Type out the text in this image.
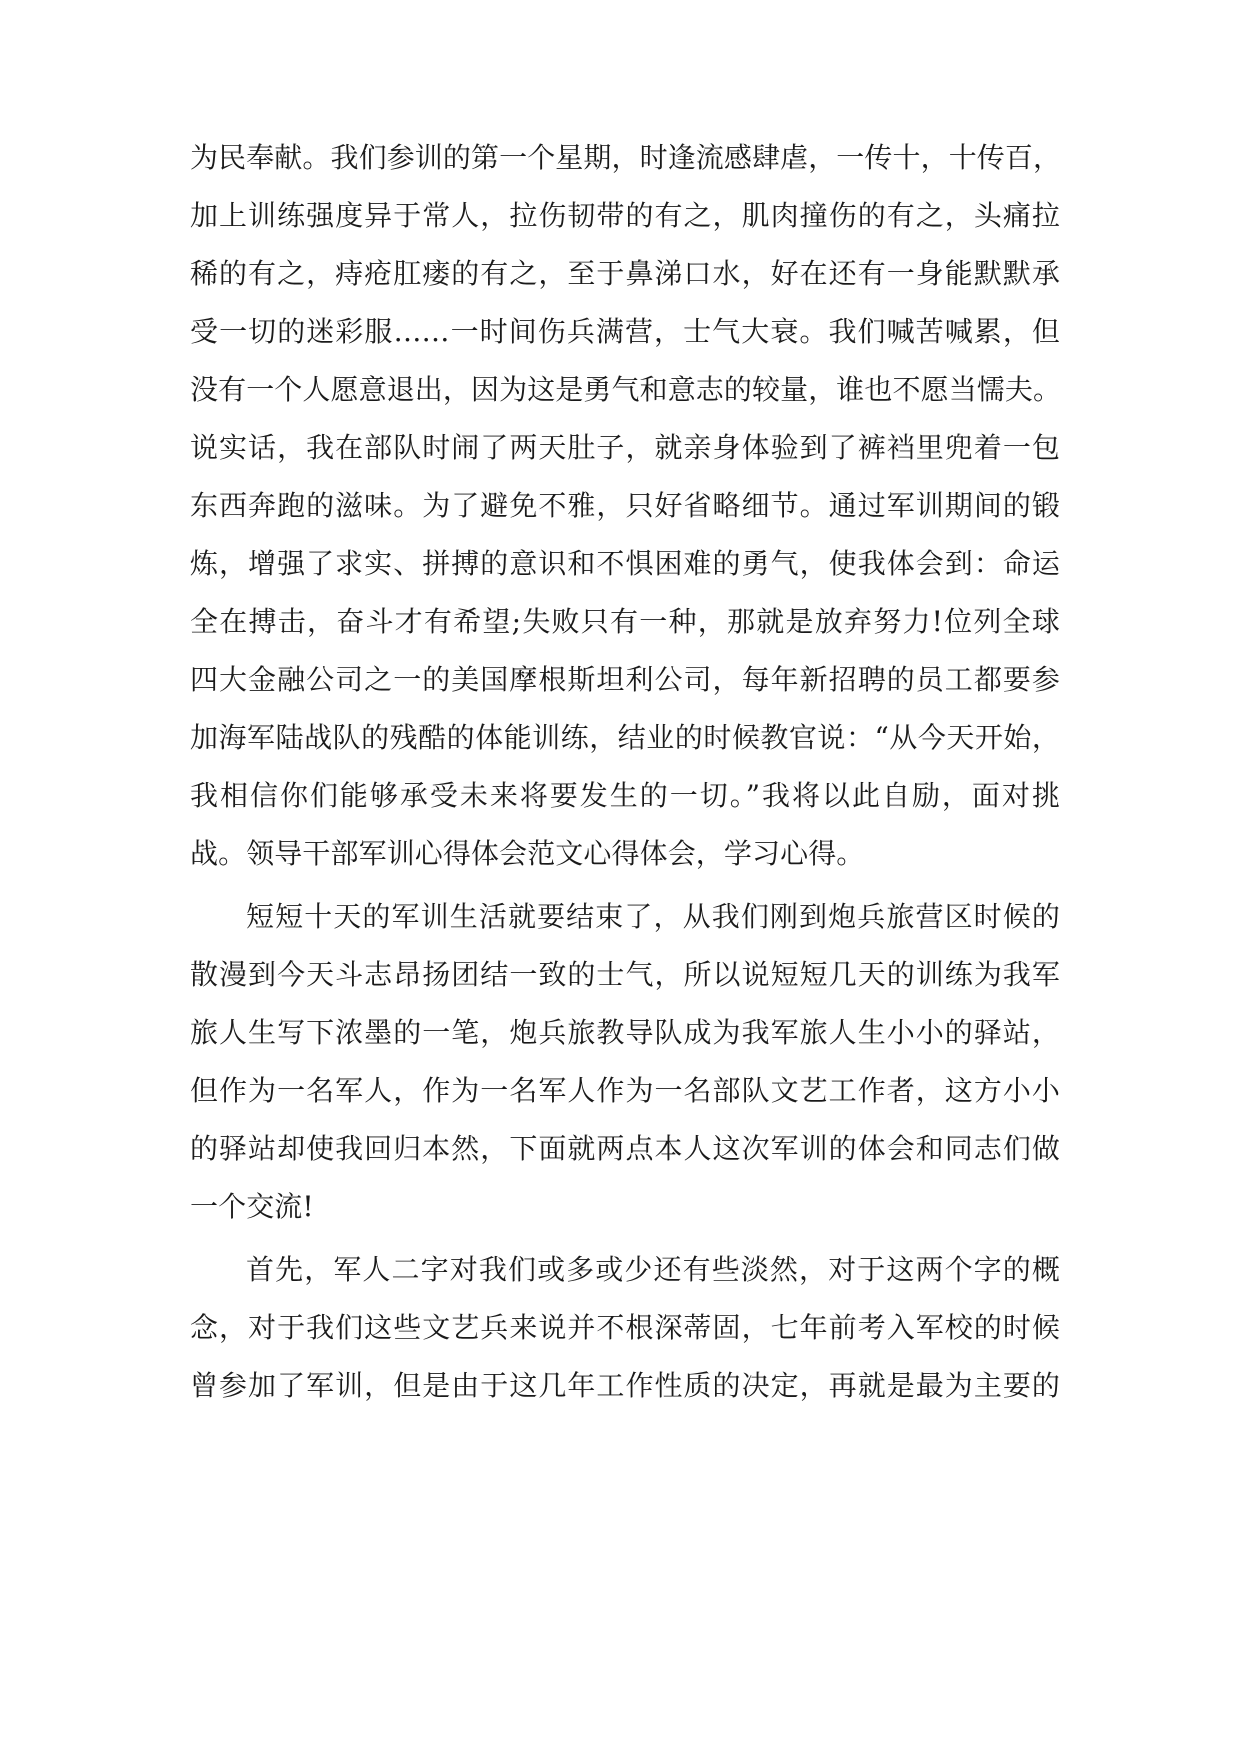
为民奉献。我们参训的第一个星期，时逢流感肆虐，一传十，十传百，
加上训练强度异于常人，拉伤韧带的有之，肌肉撞伤的有之，头痛拉
稀的有之，痔疮肛瘘的有之，至于鼻涕口水，好在还有一身能默默承
受一切的迷彩服……一时间伤兵满营，士气大衰。我们喊苦喊累，但
没有一个人愿意退出，因为这是勇气和意志的较量，谁也不愿当懦夫。
说实话，我在部队时闹了两天肚子，就亲身体验到了裤裆里兜着一包
东西奔跑的滋味。为了避免不雅，只好省略细节。通过军训期间的锻
炼，增强了求实、拼搏的意识和不惧困难的勇气，使我体会到：命运
全在搏击，奋斗才有希望;失败只有一种，那就是放弃努力!位列全球
四大金融公司之一的美国摩根斯坦利公司，每年新招聘的员工都要参
加海军陆战队的残酷的体能训练，结业的时候教官说：“从今天开始，
我相信你们能够承受未来将要发生的一切。”我将以此自励，面对挑
战。领导干部军训心得体会范文心得体会，学习心得。
短短十天的军训生活就要结束了，从我们刚到炮兵旅营区时候的
散漫到今天斗志昂扬团结一致的士气，所以说短短几天的训练为我军
旅人生写下浓墨的一笔，炮兵旅教导队成为我军旅人生小小的驿站，
但作为一名军人，作为一名军人作为一名部队文艺工作者，这方小小
的驿站却使我回归本然，下面就两点本人这次军训的体会和同志们做
一个交流!
首先，军人二字对我们或多或少还有些淡然，对于这两个字的概
念，对于我们这些文艺兵来说并不根深蒂固，七年前考入军校的时候
曾参加了军训，但是由于这几年工作性质的决定，再就是最为主要的
